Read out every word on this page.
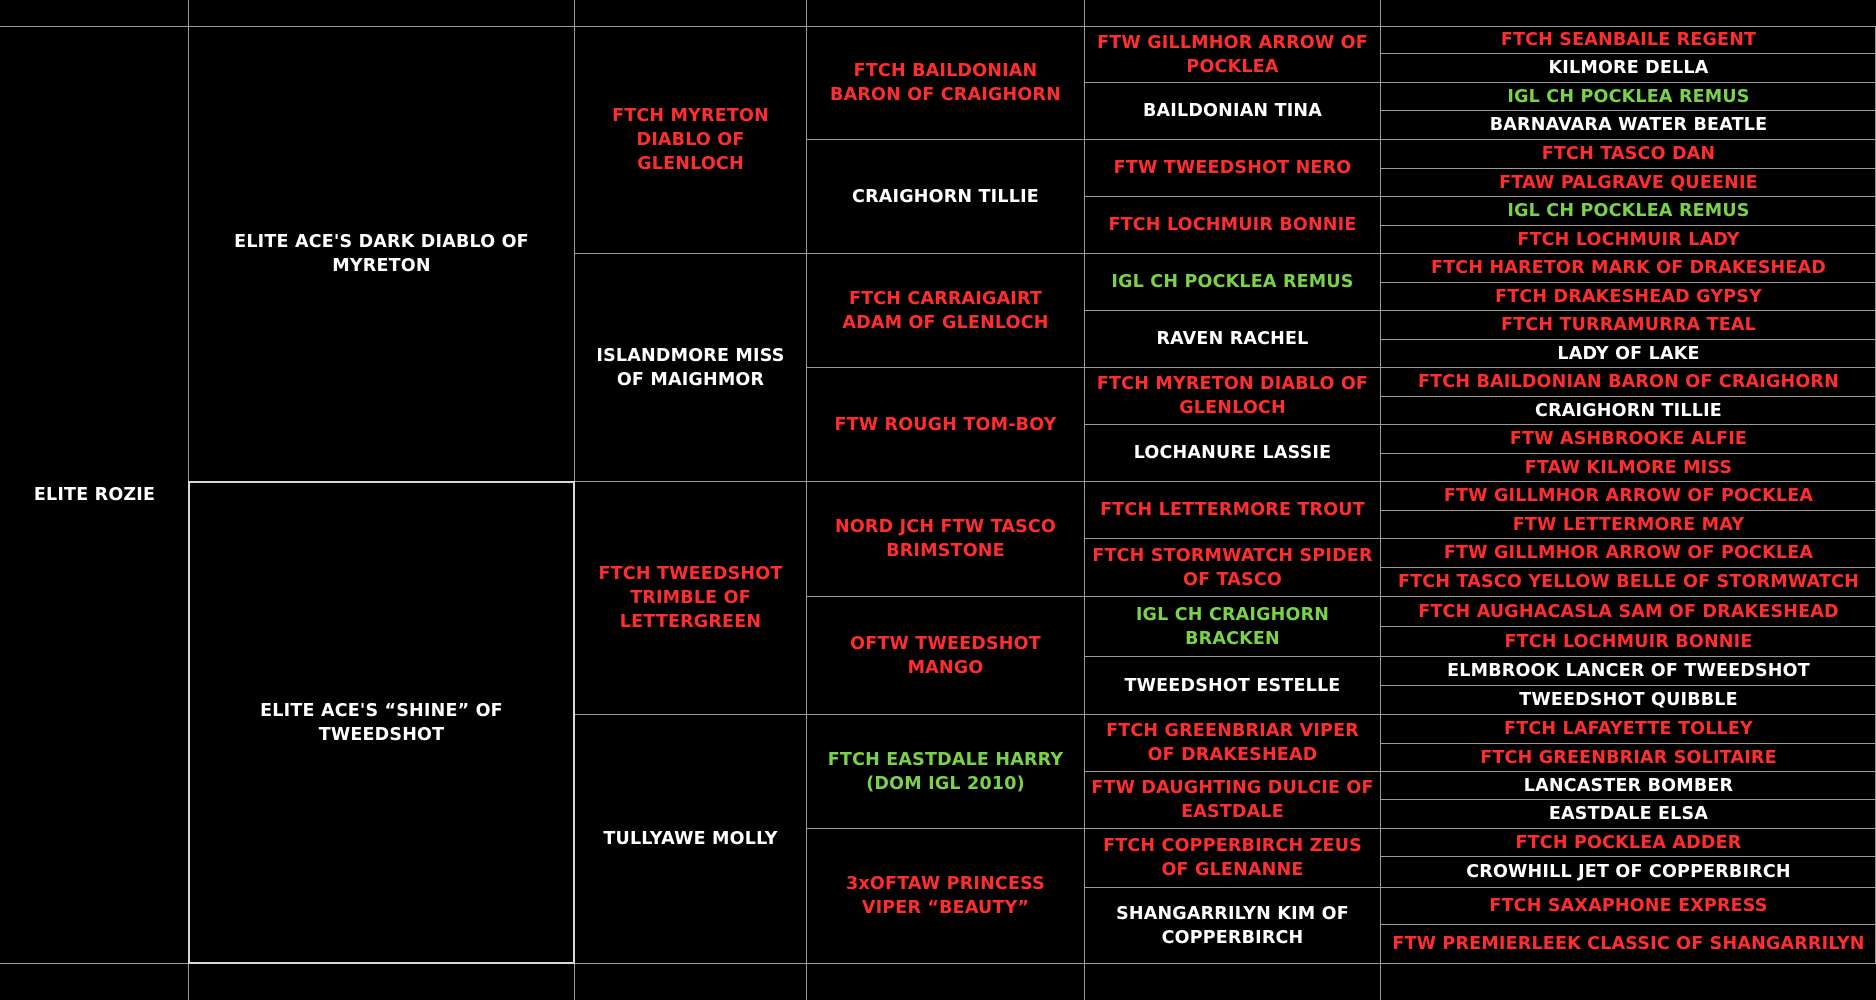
ELITE ROZIE
ELITE ACE'S DARK DIABLO OF MYRETON
ELITE ACE'S “SHINE” OF TWEEDSHOT
FTCH MYRETON DIABLO OF GLENLOCH
ISLANDMORE MISS OF MAIGHMOR
FTCH TWEEDSHOT TRIMBLE OF LETTERGREEN
TULLYAWE MOLLY
FTCH BAILDONIAN BARON OF CRAIGHORN
CRAIGHORN TILLIE
FTCH CARRAIGAIRT ADAM OF GLENLOCH
FTW ROUGH TOM-BOY
NORD JCH FTW TASCO BRIMSTONE
OFTW TWEEDSHOT MANGO
FTCH EASTDALE HARRY (DOM IGL 2010)
3xOFTAW PRINCESS VIPER “BEAUTY”
FTW GILLMHOR ARROW OF POCKLEA
BAILDONIAN TINA
FTW TWEEDSHOT NERO
FTCH LOCHMUIR BONNIE
IGL CH POCKLEA REMUS
RAVEN RACHEL
FTCH MYRETON DIABLO OF GLENLOCH
LOCHANURE LASSIE
FTCH LETTERMORE TROUT
FTCH STORMWATCH SPIDER OF TASCO
IGL CH CRAIGHORN BRACKEN
TWEEDSHOT ESTELLE
FTCH GREENBRIAR VIPER OF DRAKESHEAD
FTW DAUGHTING DULCIE OF EASTDALE
FTCH COPPERBIRCH ZEUS OF GLENANNE
SHANGARRILYN KIM OF COPPERBIRCH
FTCH SEANBAILE REGENT
KILMORE DELLA
IGL CH POCKLEA REMUS
BARNAVARA WATER BEATLE
FTCH TASCO DAN
FTAW PALGRAVE QUEENIE
IGL CH POCKLEA REMUS
FTCH LOCHMUIR LADY
FTCH HARETOR MARK OF DRAKESHEAD
FTCH DRAKESHEAD GYPSY
FTCH TURRAMURRA TEAL
LADY OF LAKE
FTCH BAILDONIAN BARON OF CRAIGHORN
CRAIGHORN TILLIE
FTW ASHBROOKE ALFIE
FTAW KILMORE MISS
FTW GILLMHOR ARROW OF POCKLEA
FTW LETTERMORE MAY
FTW GILLMHOR ARROW OF POCKLEA
FTCH TASCO YELLOW BELLE OF STORMWATCH
FTCH AUGHACASLA SAM OF DRAKESHEAD
FTCH LOCHMUIR BONNIE
ELMBROOK LANCER OF TWEEDSHOT
TWEEDSHOT QUIBBLE
FTCH LAFAYETTE TOLLEY
FTCH GREENBRIAR SOLITAIRE
LANCASTER BOMBER
EASTDALE ELSA
FTCH POCKLEA ADDER
CROWHILL JET OF COPPERBIRCH
FTCH SAXAPHONE EXPRESS
FTW PREMIERLEEK CLASSIC OF SHANGARRILYN
